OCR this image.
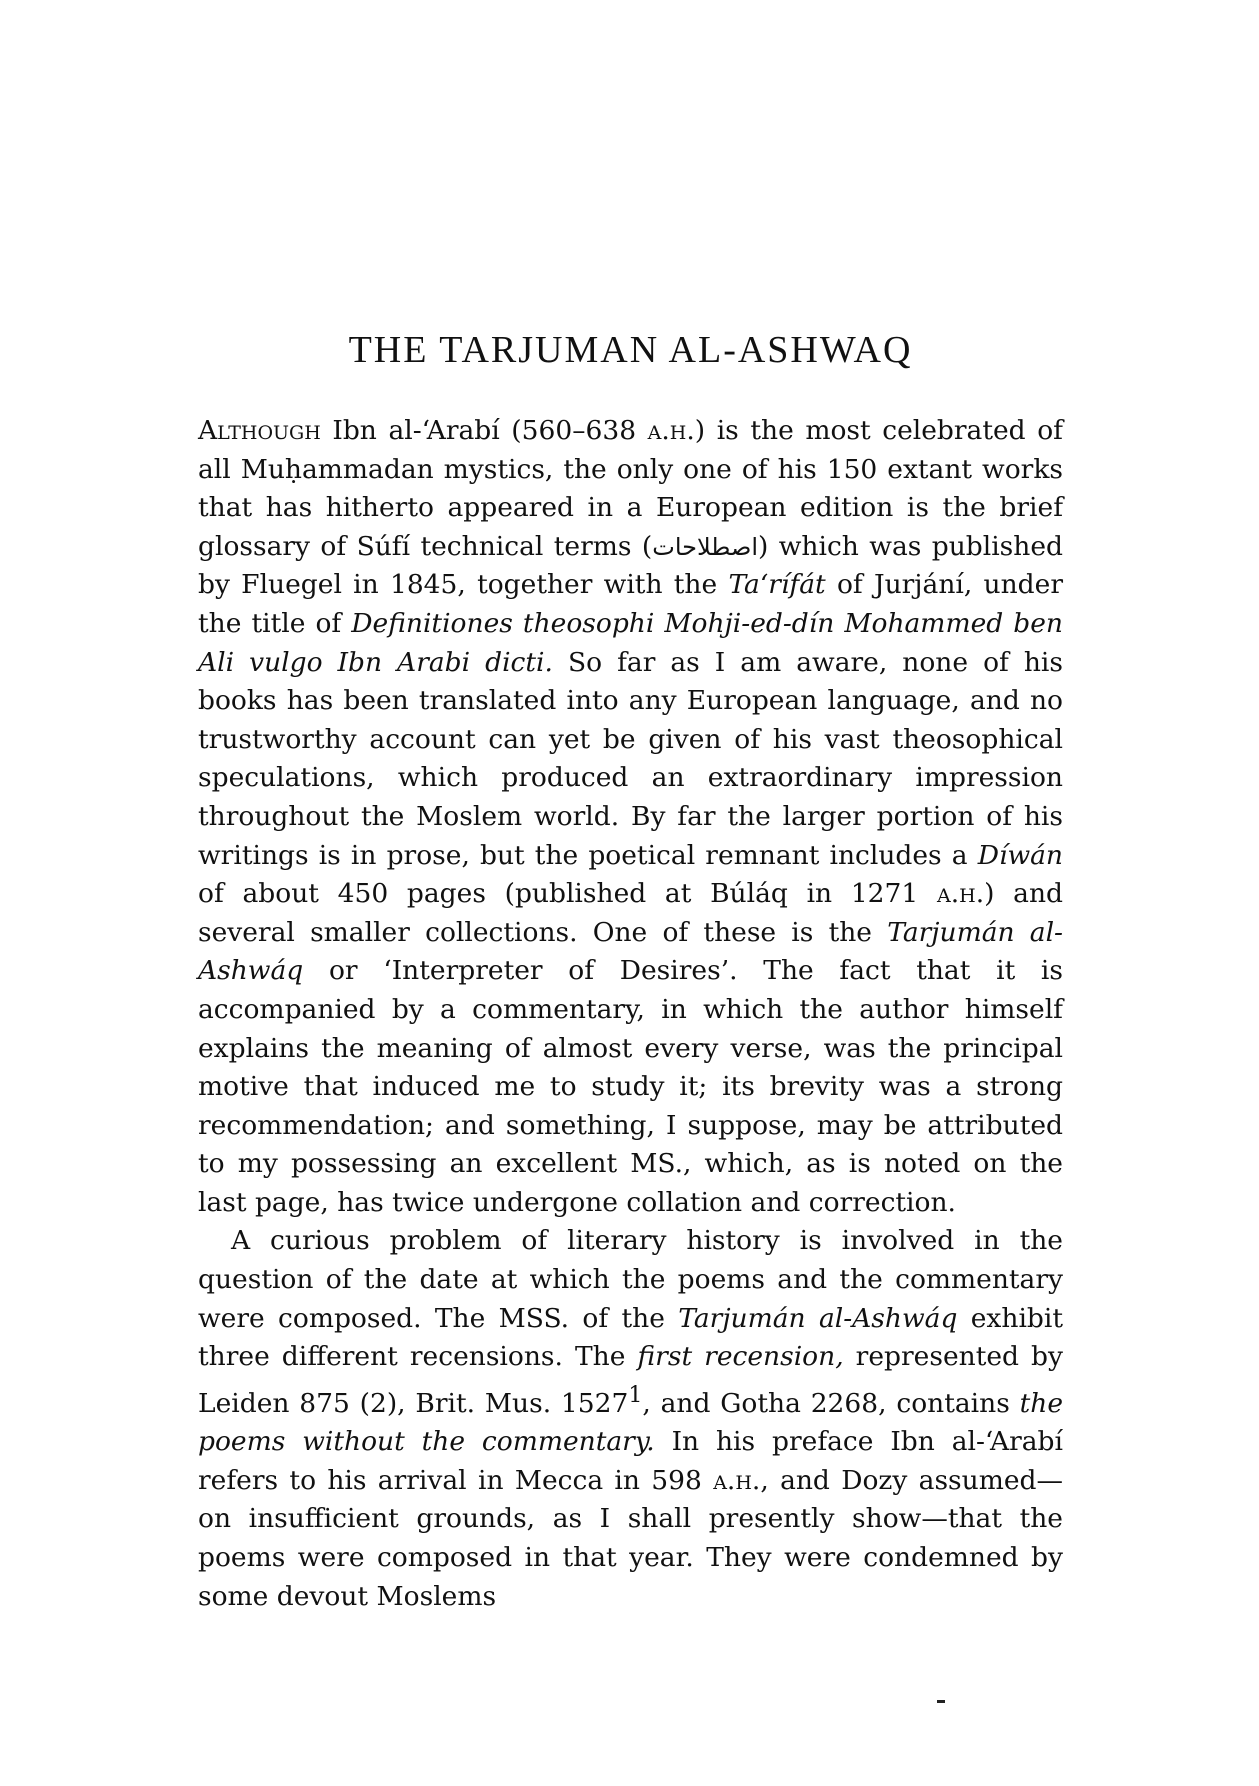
THE TARJUMAN AL-ASHWAQ

Although Ibn al-‘Arabí (560–638 a.h.) is the most celebrated of all Muḥammadan mystics, the only one of his 150 extant works that has hitherto appeared in a European edition is the brief glossary of Súfí technical terms (اصطلاحات) which was published by Fluegel in 1845, together with the Ta‘rífát of Jurjání, under the title of Definitiones theosophi Mohji-ed-dín Mohammed ben Ali vulgo Ibn Arabi dicti. So far as I am aware, none of his books has been translated into any European language, and no trustworthy account can yet be given of his vast theosophical speculations, which produced an extraordinary impression throughout the Moslem world. By far the larger portion of his writings is in prose, but the poetical remnant includes a Díwán of about 450 pages (published at Búláq in 1271 a.h.) and several smaller collections. One of these is the Tarjumán al-Ashwáq or ‘Interpreter of Desires’. The fact that it is accompanied by a commentary, in which the author himself explains the meaning of almost every verse, was the principal motive that induced me to study it; its brevity was a strong recommendation; and something, I suppose, may be attributed to my possessing an excellent MS., which, as is noted on the last page, has twice undergone collation and correction.

A curious problem of literary history is involved in the question of the date at which the poems and the commentary were composed. The MSS. of the Tarjumán al-Ashwáq exhibit three different recensions. The first recension, represented by Leiden 875 (2), Brit. Mus. 1527$^1$, and Gotha 2268, contains the poems without the commentary. In his preface Ibn al-‘Arabí refers to his arrival in Mecca in 598 a.h., and Dozy assumed—on insufficient grounds, as I shall presently show—that the poems were composed in that year. They were condemned by some devout Moslems
